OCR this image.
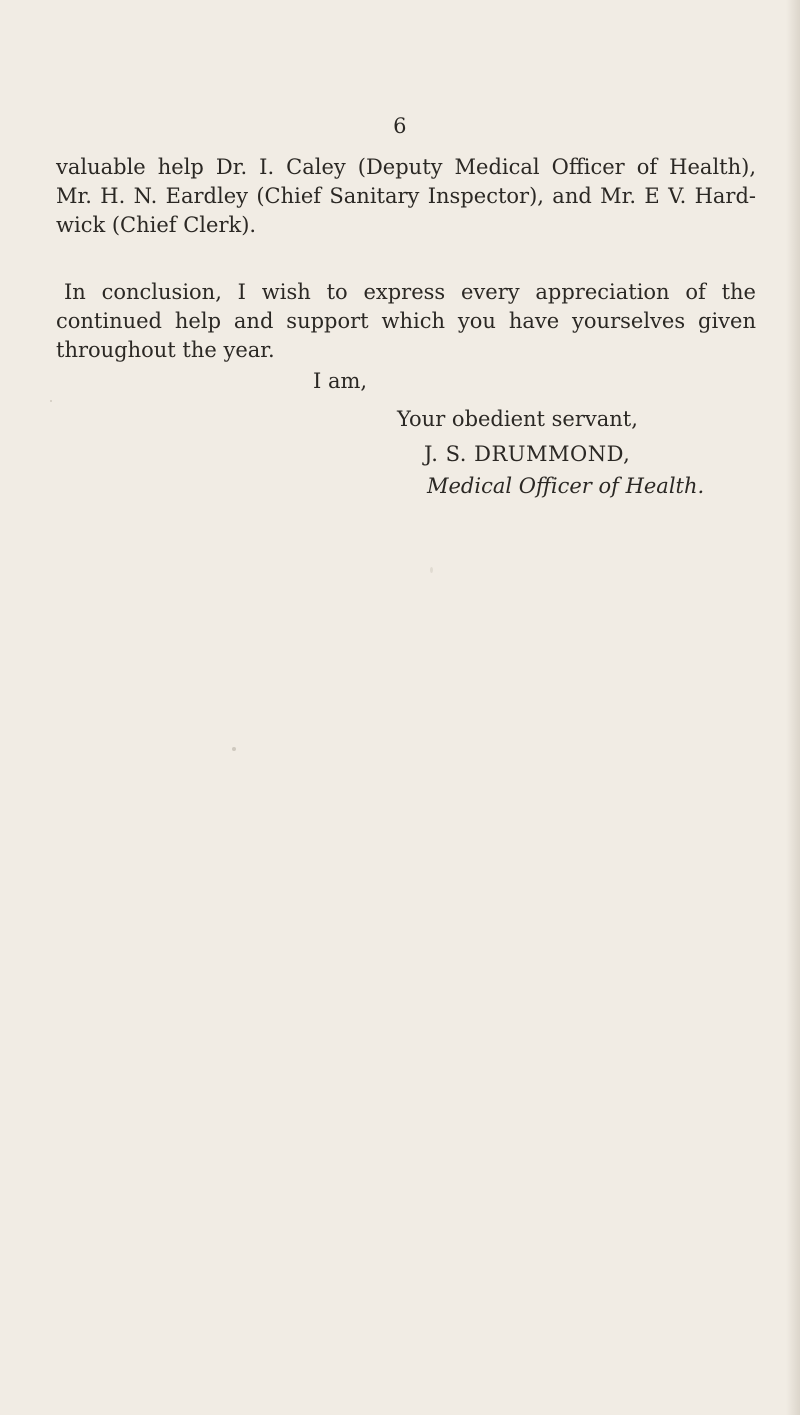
6

valuable help Dr. I. Caley (Deputy Medical Officer of Health),
Mr. H. N. Eardley (Chief Sanitary Inspector), and Mr. E V. Hard-
wick (Chief Clerk).

In conclusion, I wish to express every appreciation of the
continued help and support which you have yourselves given
throughout the year.

I am,

Your obedient servant,
J. S. DRUMMOND,
Medical Officer of Health.
